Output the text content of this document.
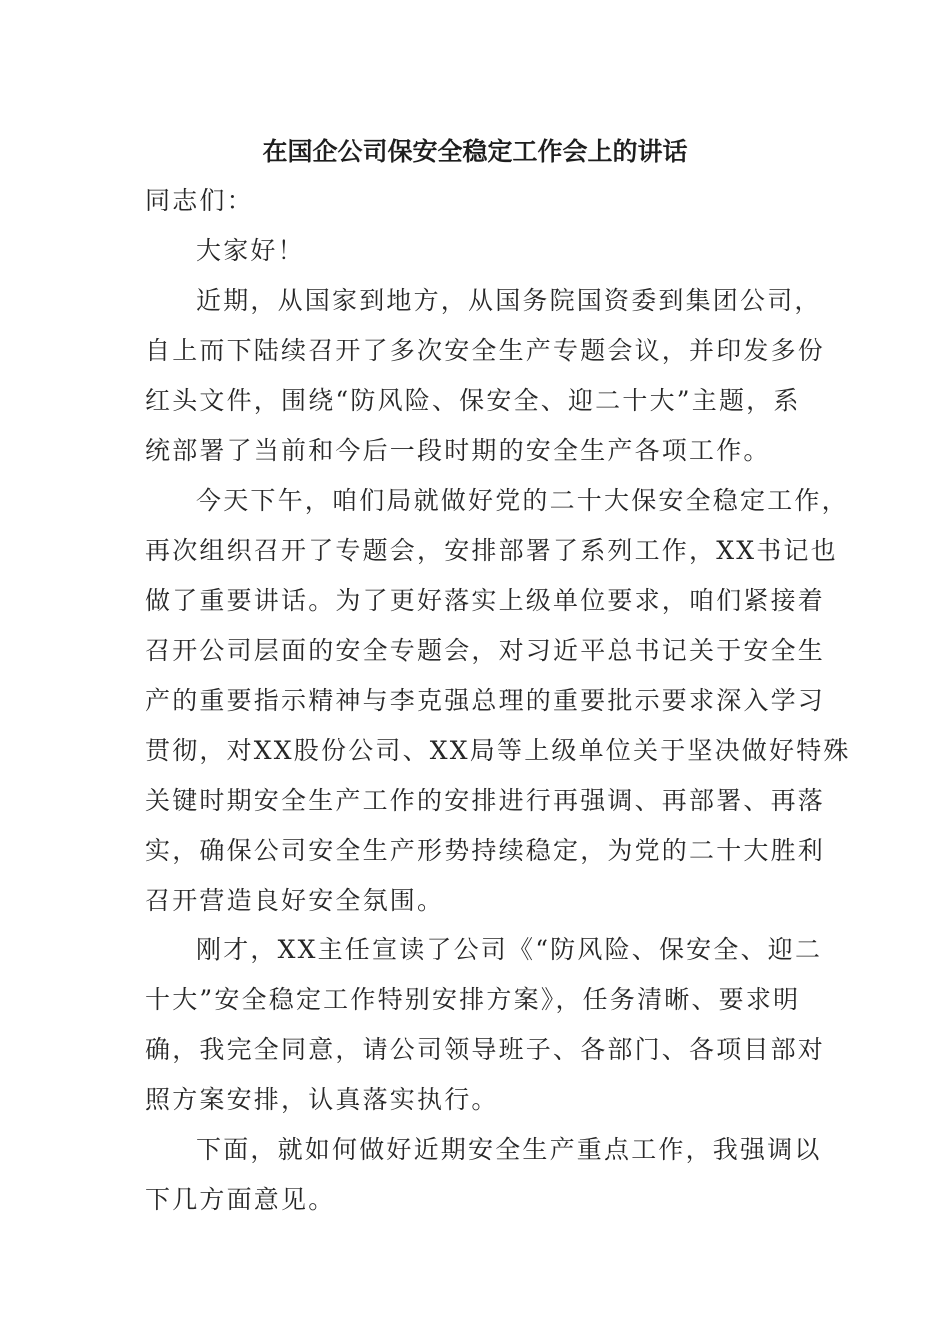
在国企公司保安全稳定工作会上的讲话
同志们：
大家好！
近期，从国家到地方，从国务院国资委到集团公司，
自上而下陆续召开了多次安全生产专题会议，并印发多份
红头文件，围绕“防风险、保安全、迎二十大”主题，系
统部署了当前和今后一段时期的安全生产各项工作。
今天下午，咱们局就做好党的二十大保安全稳定工作，
再次组织召开了专题会，安排部署了系列工作，XX书记也
做了重要讲话。为了更好落实上级单位要求，咱们紧接着
召开公司层面的安全专题会，对习近平总书记关于安全生
产的重要指示精神与李克强总理的重要批示要求深入学习
贯彻，对XX股份公司、XX局等上级单位关于坚决做好特殊
关键时期安全生产工作的安排进行再强调、再部署、再落
实，确保公司安全生产形势持续稳定，为党的二十大胜利
召开营造良好安全氛围。
刚才，XX主任宣读了公司《“防风险、保安全、迎二
十大”安全稳定工作特别安排方案》，任务清晰、要求明
确，我完全同意，请公司领导班子、各部门、各项目部对
照方案安排，认真落实执行。
下面，就如何做好近期安全生产重点工作，我强调以
下几方面意见。
